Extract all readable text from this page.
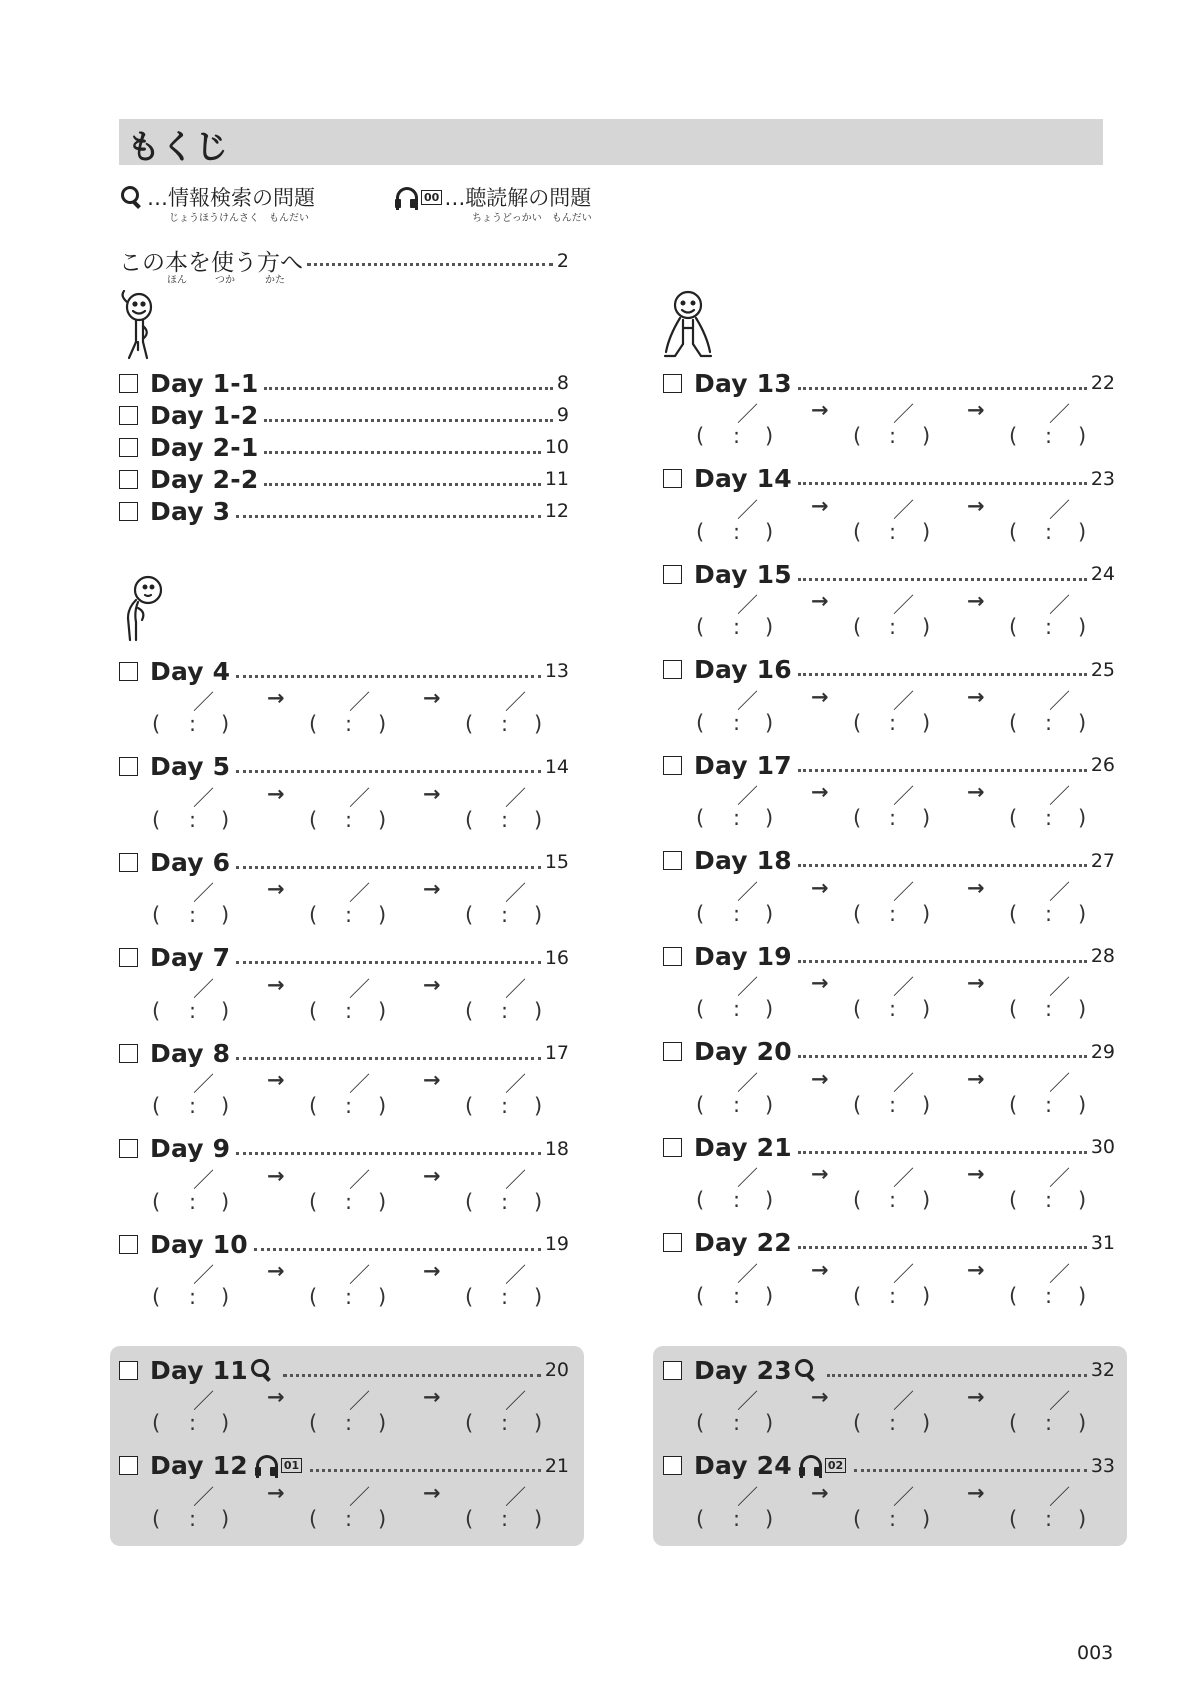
もくじ
…情報検索の問題
じょうほうけんさく　もんだい
00 …聴読解の問題
ちょうどっかい　もんだい
この本を使う方へ	2
ほん	つか	かた
Day 1-1	8
Day 1-2	9
Day 2-1	10
Day 2-2	11
Day 3	12
Day 4	13
／	／	／
→	→
( : )	( : )	( : )
Day 5	14
／	／	／
→	→
( : )	( : )	( : )
Day 6	15
／	／	／
→	→
( : )	( : )	( : )
Day 7	16
／	／	／
→	→
( : )	( : )	( : )
Day 8	17
／	／	／
→	→
( : )	( : )	( : )
Day 9	18
／	／	／
→	→
( : )	( : )	( : )
Day 10	19
／	／	／
→	→
( : )	( : )	( : )
Day 13	22
／	／	／
→	→
( : )	( : )	( : )
Day 14	23
／	／	／
→	→
( : )	( : )	( : )
Day 15	24
／	／	／
→	→
( : )	( : )	( : )
Day 16	25
／	／	／
→	→
( : )	( : )	( : )
Day 17	26
／	／	／
→	→
( : )	( : )	( : )
Day 18	27
／	／	／
→	→
( : )	( : )	( : )
Day 19	28
／	／	／
→	→
( : )	( : )	( : )
Day 20	29
／	／	／
→	→
( : )	( : )	( : )
Day 21	30
／	／	／
→	→
( : )	( : )	( : )
Day 22	31
／	／	／
→	→
( : )	( : )	( : )
Day 11	20
／	／	／
→	→
( : )	( : )	( : )
Day 12	01	21
／	／	／
→	→
( : )	( : )	( : )
Day 23	32
／	／	／
→	→
( : )	( : )	( : )
Day 24	02	33
／	／	／
→	→
( : )	( : )	( : )
003
